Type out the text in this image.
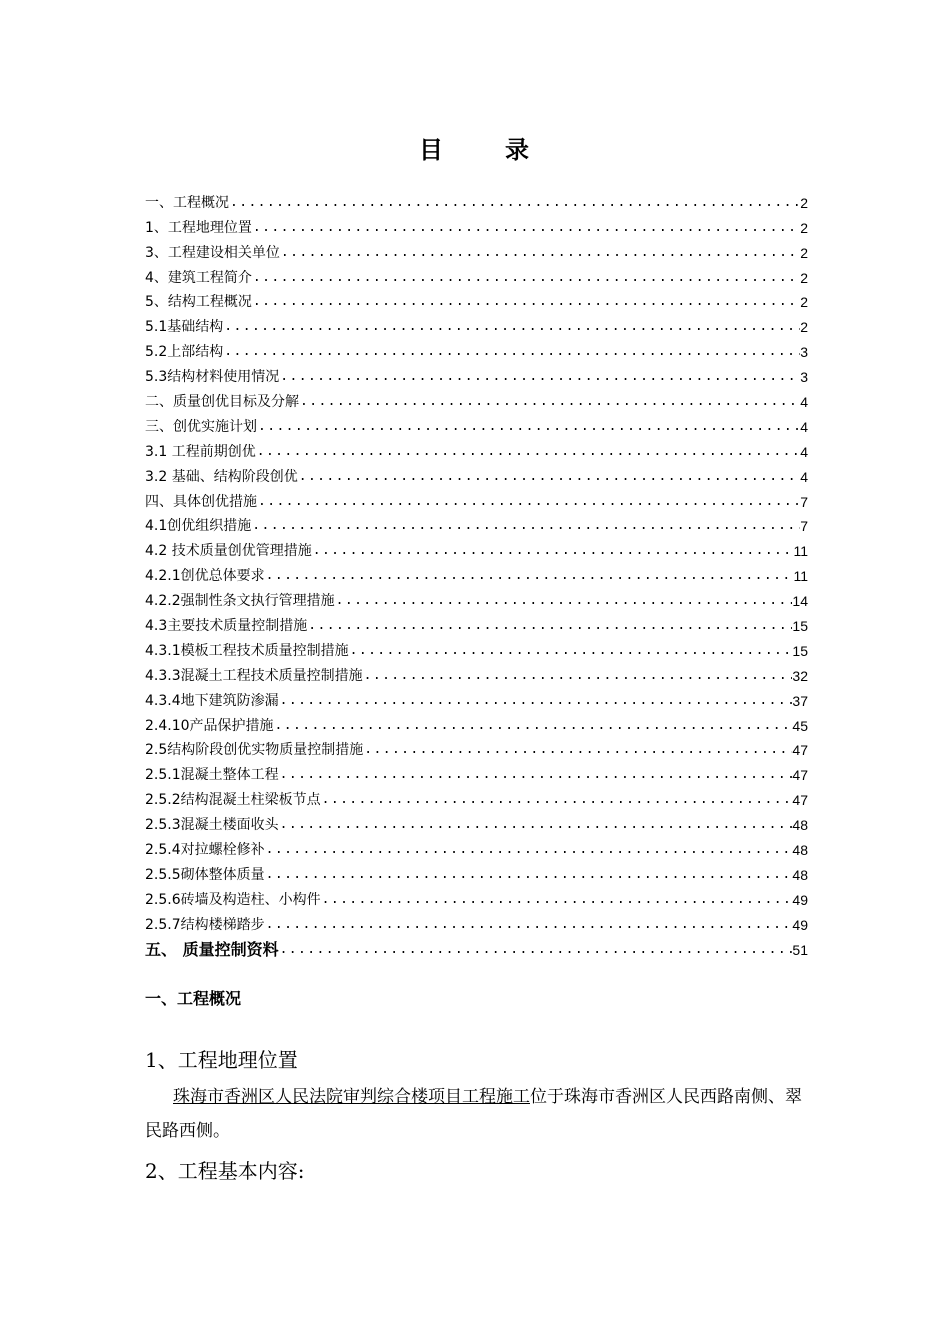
目	录
一、工程概况 .....	2
1、工程地理位置 .....	2
3、工程建设相关单位 .....	2
4、建筑工程简介 .....	2
5、结构工程概况 .....	2
5.1基础结构 .....	2
5.2上部结构 .....	3
5.3结构材料使用情况 .....	3
二、质量创优目标及分解 .....	4
三、创优实施计划 .....	4
3.1 工程前期创优 .....	4
3.2 基础、结构阶段创优 .....	4
四、具体创优措施 .....	7
4.1创优组织措施 .....	7
4.2 技术质量创优管理措施 .....	11
4.2.1创优总体要求 .....	11
4.2.2强制性条文执行管理措施 .....	14
4.3主要技术质量控制措施 .....	15
4.3.1模板工程技术质量控制措施 .....	15
4.3.3混凝土工程技术质量控制措施 .....	32
4.3.4地下建筑防渗漏 .....	37
2.4.10产品保护措施 .....	45
2.5结构阶段创优实物质量控制措施 .....	47
2.5.1混凝土整体工程 .....	47
2.5.2结构混凝土柱梁板节点 .....	47
2.5.3混凝土楼面收头 .....	48
2.5.4对拉螺栓修补 .....	48
2.5.5砌体整体质量 .....	48
2.5.6砖墙及构造柱、小构件 .....	49
2.5.7结构楼梯踏步 .....	49
五、 质量控制资料 .....	51
一、工程概况
1、工程地理位置
珠海市香洲区人民法院审判综合楼项目工程施工位于珠海市香洲区人民西路南侧、翠民路西侧。
2、工程基本内容:
